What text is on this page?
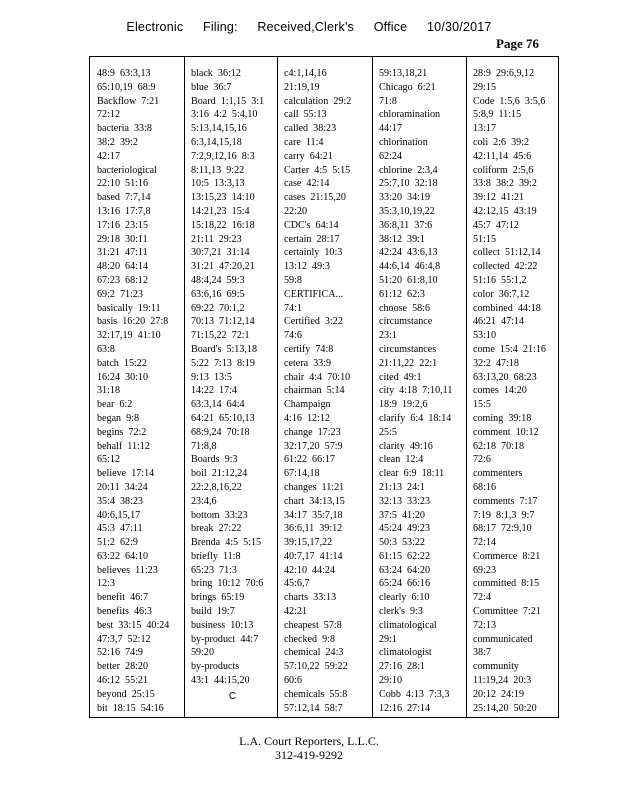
Electronic Filing: Received,Clerk's Office 10/30/2017
Page 76
48:9  63:3,13
65:10,19  68:9
Backflow  7:21
72:12
bacteria  33:8
38:2  39:2
42:17
bacteriological
22:10  51:16
based  7:7,14
13:16  17:7,8
17:16  23:15
29:18  30:11
31:21  47:11
48:20  64:14
67:23  68:12
69:2  71:23
basically  19:11
basis  16:20  27:8
32:17,19  41:10
63:8
batch  15:22
16:24  30:10
31:18
bear  6:2
began  9:8
begins  72:2
behalf  11:12
65:12
believe  17:14
20:11  34:24
35:4  38:23
40:6,15,17
45:3  47:11
51:2  62:9
63:22  64:10
believes  11:23
12:3
benefit  46:7
benefits  46:3
best  33:15  40:24
47:3,7  52:12
52:16  74:9
better  28:20
46:12  55:21
beyond  25:15
bit  18:15  54:16
black  36:12
blue  36:7
Board  1:1,15  3:1
3:16  4:2  5:4,10
5:13,14,15,16
6:3,14,15,18
7:2,9,12,16  8:3
8:11,13  9:22
10:5  13:3,13
13:15,23  14:10
14:21,23  15:4
15:18,22  16:18
21:11  29:23
30:7,21  31:14
31:21  47:20,21
48:4,24  59:3
63:6,16  69:5
69:22  70:1,2
70:13  71:12,14
71:15,22  72:1
Board's  5:13,18
5:22  7:13  8:19
9:13  13:5
14:22  17:4
63:3,14  64:4
64:21  65:10,13
68:9,24  70:18
71:8,8
Boards  9:3
boil  21:12,24
22:2,8,16,22
23:4,6
bottom  33:23
break  27:22
Brenda  4:5  5:15
briefly  11:8
65:23  71:3
bring  10:12  70:6
brings  65:19
build  19:7
business  10:13
by-product  44:7
59:20
by-products
43:1  44:15,20
C
c4:1,14,16
21:19,19
calculation  29:2
call  55:13
called  38:23
care  11:4
carry  64:21
Carter  4:5  5:15
case  42:14
cases  21:15,20
22:20
CDC's  64:14
certain  28:17
certainly  10:3
13:12  49:3
59:8
CERTIFICA...
74:1
Certified  3:22
74:6
certify  74:8
cetera  33:9
chair  4:4  70:10
chairman  5:14
Champaign
4:16  12:12
change  17:23
32:17,20  57:9
61:22  66:17
67:14,18
changes  11:21
chart  34:13,15
34:17  35:7,18
36:6,11  39:12
39:15,17,22
40:7,17  41:14
42:10  44:24
45:6,7
charts  33:13
42:21
cheapest  57:8
checked  9:8
chemical  24:3
57:10,22  59:22
60:6
chemicals  55:8
57:12,14  58:7
59:13,18,21
Chicago  6:21
71:8
chloramination
44:17
chlorination
62:24
chlorine  2:3,4
25:7,10  32:18
33:20  34:19
35:3,10,19,22
36:8,11  37:6
38:12  39:1
42:24  43:6,13
44:6,14  46:4,8
51:20  61:8,10
61:12  62:3
choose  58:6
circumstance
23:1
circumstances
21:11,22  22:1
cited  49:1
city  4:18  7:10,11
18:9  19:2,6
clarify  6:4  18:14
25:5
clarity  49:16
clean  12:4
clear  6:9  18:11
21:13  24:1
32:13  33:23
37:5  41:20
45:24  49:23
50:3  53:22
61:15  62:22
63:24  64:20
65:24  66:16
clearly  6:10
clerk's  9:3
climatological
29:1
climatologist
27:16  28:1
29:10
Cobb  4:13  7:3,3
12:16  27:14
28:9  29:6,9,12
29:15
Code  1:5,6  3:5,6
5:8,9  11:15
13:17
coli  2:6  39:2
42:11,14  45:6
coliform  2:5,6
33:8  38:2  39:2
39:12  41:21
42:12,15  43:19
45:7  47:12
51:15
collect  51:12,14
collected  42:22
51:16  55:1,2
color  36:7,12
combined  44:18
46:21  47:14
53:10
come  15:4  21:16
32:2  47:18
63:13,20  68:23
comes  14:20
15:5
coming  39:18
comment  10:12
62:18  70:18
72:6
commenters
68:16
comments  7:17
7:19  8:1,3  9:7
68:17  72:9,10
72:14
Commerce  8:21
69:23
committed  8:15
72:4
Committee  7:21
72:13
communicated
38:7
community
11:19,24  20:3
20:12  24:19
25:14,20  50:20
L.A. Court Reporters, L.L.C.
312-419-9292
